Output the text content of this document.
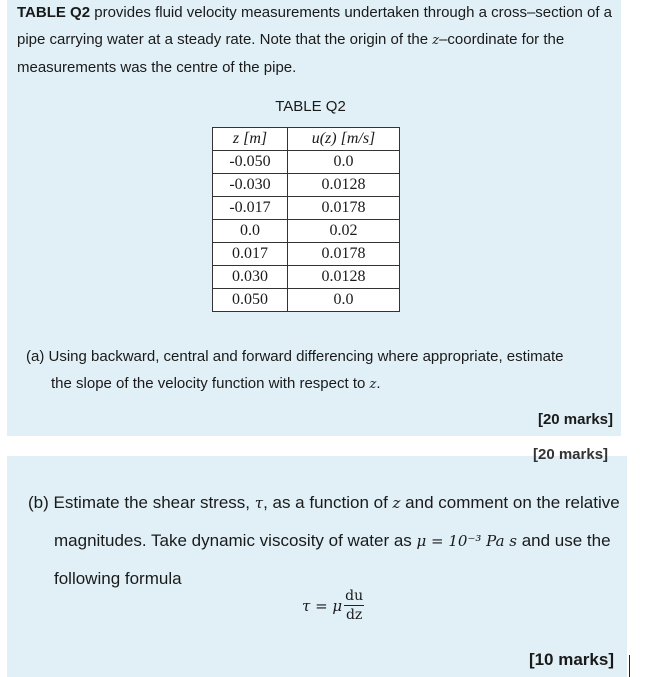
TABLE Q2 provides fluid velocity measurements undertaken through a cross–section of a pipe carrying water at a steady rate. Note that the origin of the z–coordinate for the measurements was the centre of the pipe.

TABLE Q2
z [m]	u(z) [m/s]
-0.050	0.0
-0.030	0.0128
-0.017	0.0178
0.0	0.02
0.017	0.0178
0.030	0.0128
0.050	0.0

(a) Using backward, central and forward differencing where appropriate, estimate
the slope of the velocity function with respect to z.

[20 marks]
[20 marks]

(b) Estimate the shear stress, τ, as a function of z and comment on the relative
magnitudes. Take dynamic viscosity of water as μ = 10⁻³ Pa s and use the
following formula

τ = μ $\frac{du}{dz}$
[10 marks]
